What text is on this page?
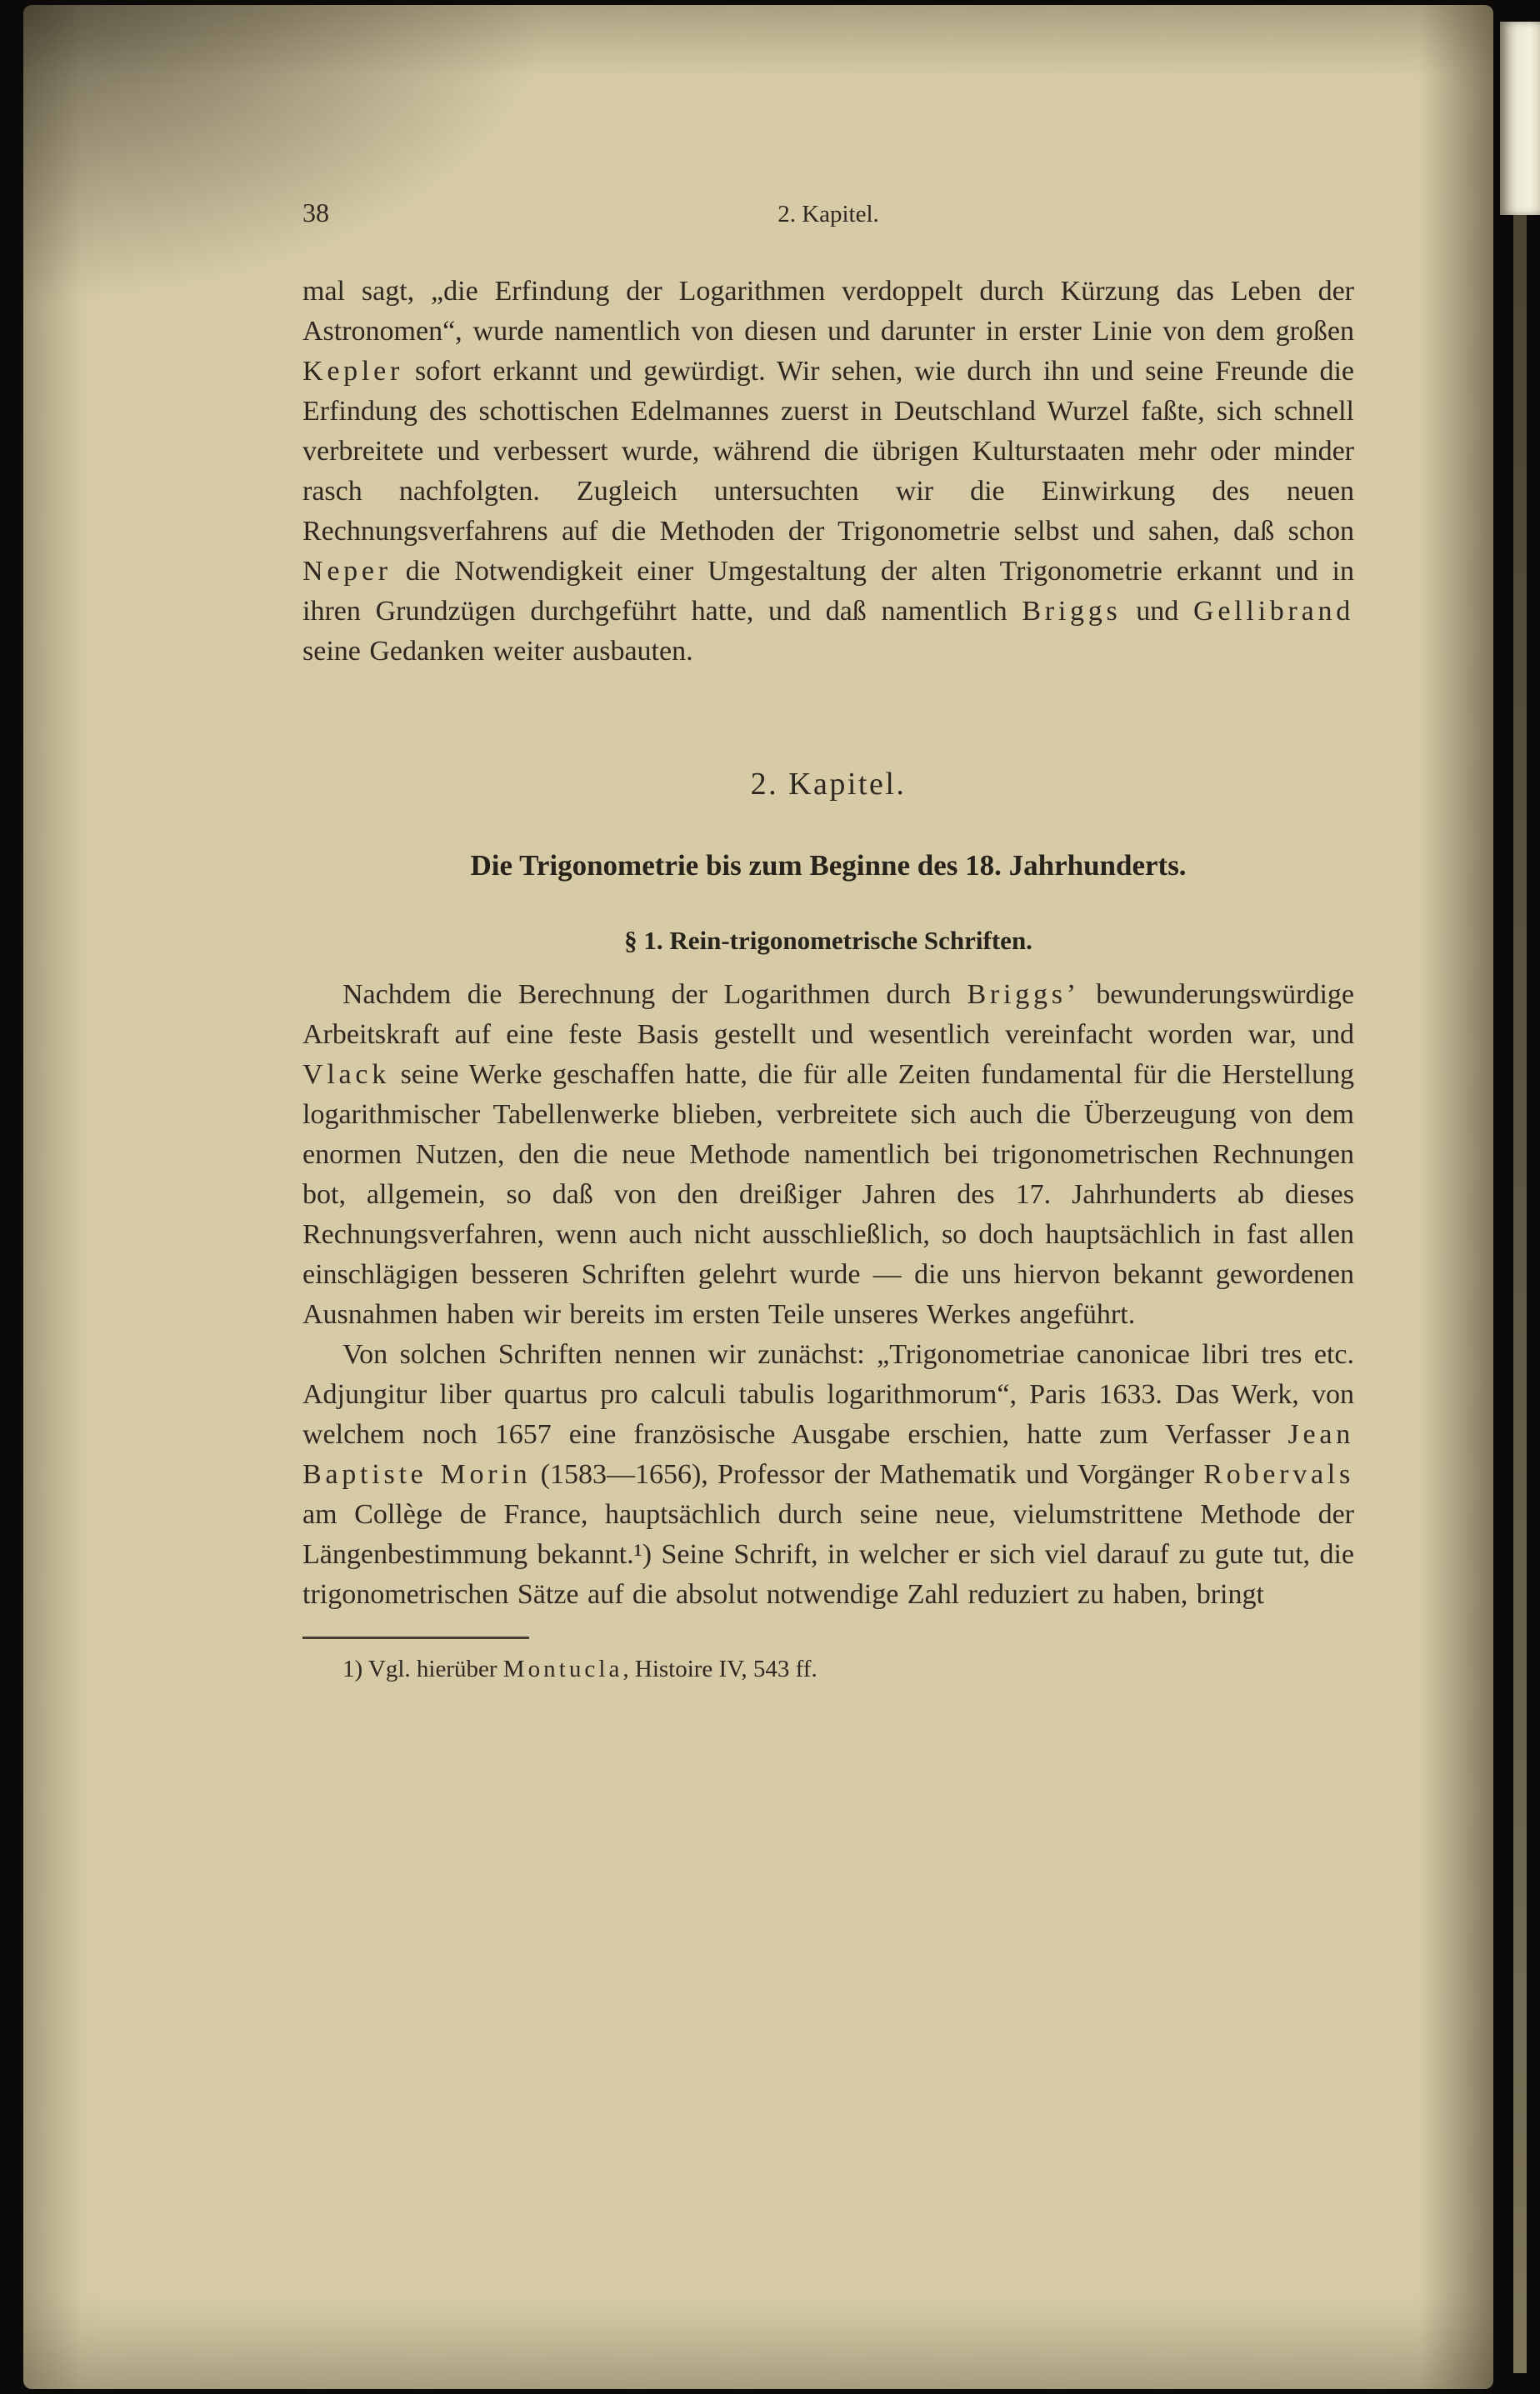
38	2. Kapitel.

mal sagt, „die Erfindung der Logarithmen verdoppelt durch Kürzung das Leben der Astronomen“, wurde namentlich von diesen und darunter in erster Linie von dem großen Kepler sofort erkannt und gewürdigt. Wir sehen, wie durch ihn und seine Freunde die Erfindung des schottischen Edelmannes zuerst in Deutschland Wurzel faßte, sich schnell verbreitete und verbessert wurde, während die übrigen Kulturstaaten mehr oder minder rasch nachfolgten. Zugleich untersuchten wir die Einwirkung des neuen Rechnungsverfahrens auf die Methoden der Trigonometrie selbst und sahen, daß schon Neper die Notwendigkeit einer Umgestaltung der alten Trigonometrie erkannt und in ihren Grundzügen durchgeführt hatte, und daß namentlich Briggs und Gellibrand seine Gedanken weiter ausbauten.

2. Kapitel.
Die Trigonometrie bis zum Beginne des 18. Jahrhunderts.
§ 1. Rein-trigonometrische Schriften.

Nachdem die Berechnung der Logarithmen durch Briggs’ bewunderungswürdige Arbeitskraft auf eine feste Basis gestellt und wesentlich vereinfacht worden war, und Vlack seine Werke geschaffen hatte, die für alle Zeiten fundamental für die Herstellung logarithmischer Tabellenwerke blieben, verbreitete sich auch die Überzeugung von dem enormen Nutzen, den die neue Methode namentlich bei trigonometrischen Rechnungen bot, allgemein, so daß von den dreißiger Jahren des 17. Jahrhunderts ab dieses Rechnungsverfahren, wenn auch nicht ausschließlich, so doch hauptsächlich in fast allen einschlägigen besseren Schriften gelehrt wurde — die uns hiervon bekannt gewordenen Ausnahmen haben wir bereits im ersten Teile unseres Werkes angeführt.

Von solchen Schriften nennen wir zunächst: „Trigonometriae canonicae libri tres etc. Adjungitur liber quartus pro calculi tabulis logarithmorum“, Paris 1633. Das Werk, von welchem noch 1657 eine französische Ausgabe erschien, hatte zum Verfasser Jean Baptiste Morin (1583—1656), Professor der Mathematik und Vorgänger Robervals am Collège de France, hauptsächlich durch seine neue, vielumstrittene Methode der Längenbestimmung bekannt.¹) Seine Schrift, in welcher er sich viel darauf zu gute tut, die trigonometrischen Sätze auf die absolut notwendige Zahl reduziert zu haben, bringt

1) Vgl. hierüber Montucla, Histoire IV, 543 ff.
